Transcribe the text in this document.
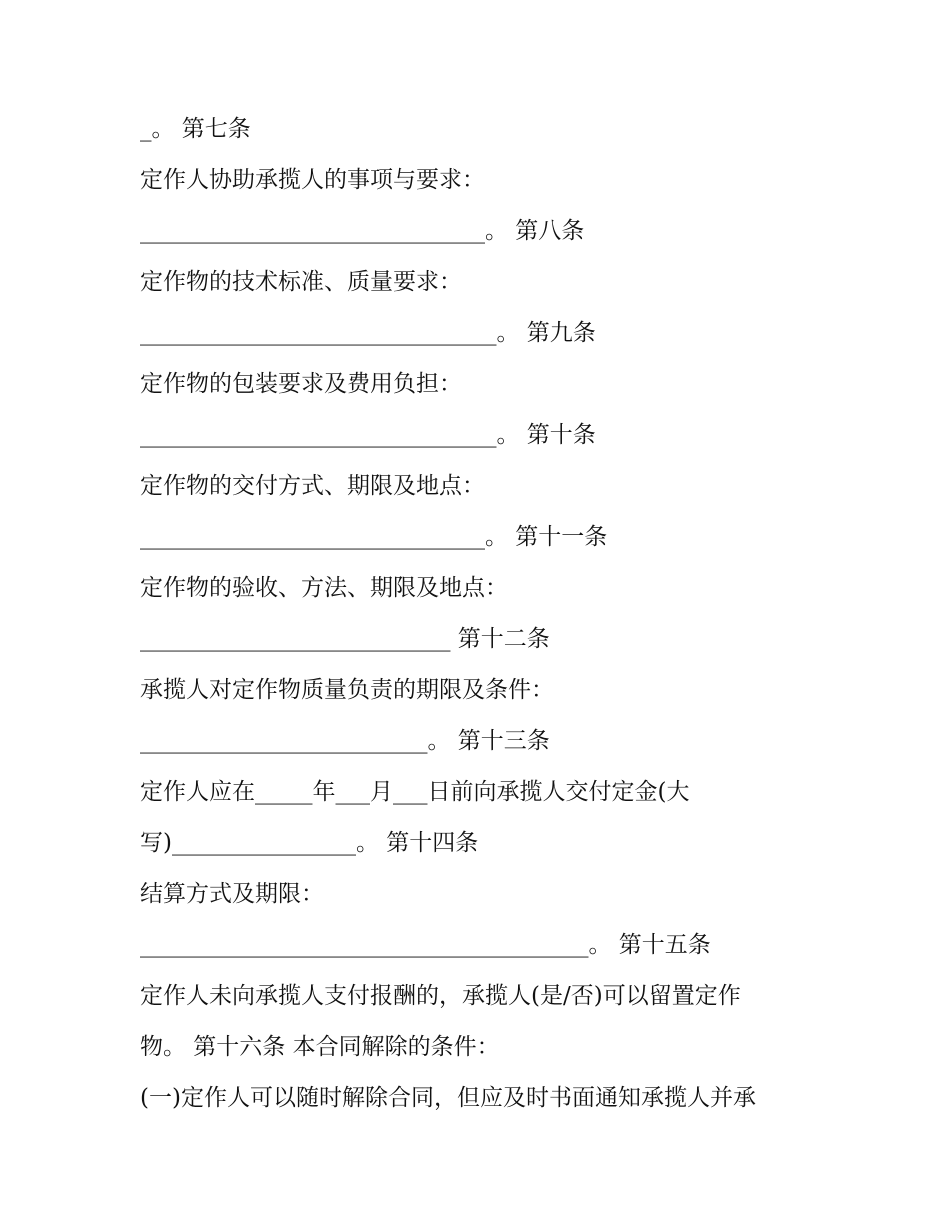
_。 第七条
定作人协助承揽人的事项与要求：
______________________________。 第八条
定作物的技术标准、质量要求：
_______________________________。 第九条
定作物的包装要求及费用负担：
_______________________________。 第十条
定作物的交付方式、期限及地点：
______________________________。 第十一条
定作物的验收、方法、期限及地点：
___________________________ 第十二条
承揽人对定作物质量负责的期限及条件：
_________________________。 第十三条
定作人应在_____年___月___日前向承揽人交付定金(大
写)________________。 第十四条
结算方式及期限：
_______________________________________。 第十五条
定作人未向承揽人支付报酬的，承揽人(是/否)可以留置定作
物。 第十六条 本合同解除的条件：
(一)定作人可以随时解除合同，但应及时书面通知承揽人并承
